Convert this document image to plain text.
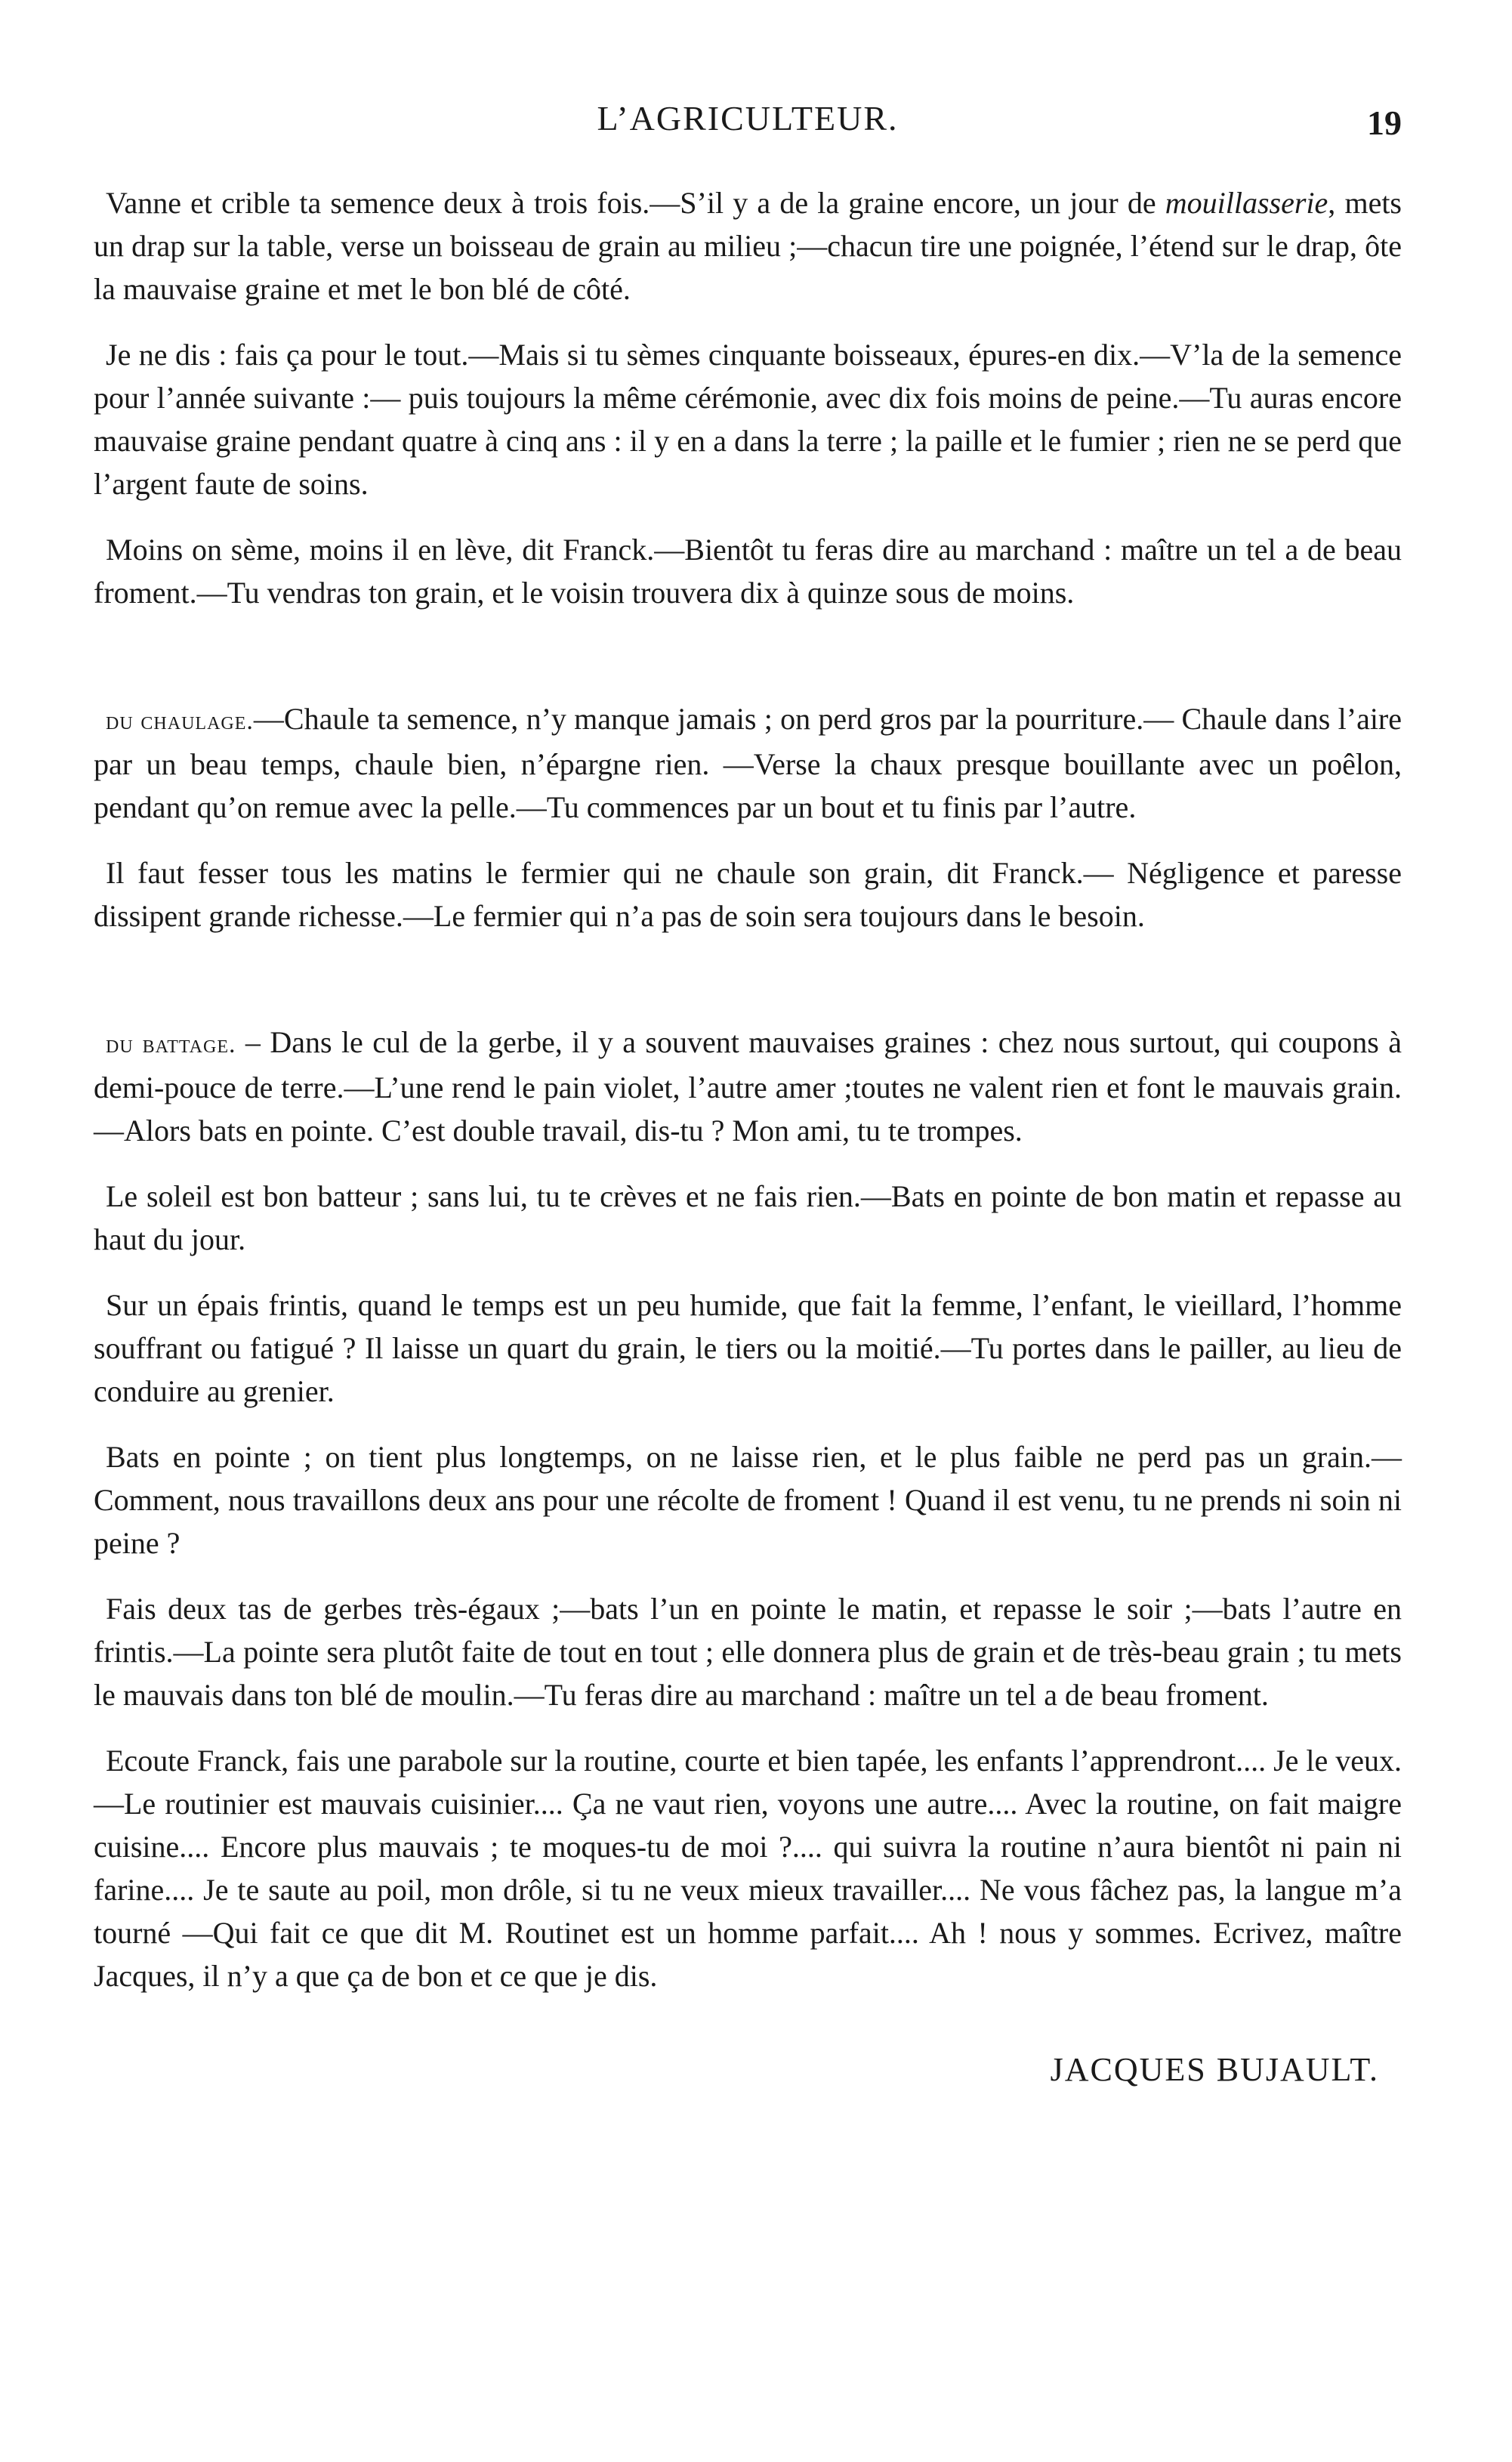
L’AGRICULTEUR.	19

Vanne et crible ta semence deux à trois fois.—S’il y a de la graine encore, un jour de mouillasserie, mets un drap sur la table, verse un boisseau de grain au milieu ;—chacun tire une poignée, l’étend sur le drap, ôte la mauvaise graine et met le bon blé de côté.

Je ne dis : fais ça pour le tout.—Mais si tu sèmes cinquante boisseaux, épures-en dix.—V’la de la semence pour l’année suivante :— puis toujours la même cérémonie, avec dix fois moins de peine.—Tu auras encore mauvaise graine pendant quatre à cinq ans : il y en a dans la terre ; la paille et le fumier ; rien ne se perd que l’argent faute de soins.

Moins on sème, moins il en lève, dit Franck.—Bientôt tu feras dire au marchand : maître un tel a de beau froment.—Tu vendras ton grain, et le voisin trouvera dix à quinze sous de moins.

du chaulage.—Chaule ta semence, n’y manque jamais ; on perd gros par la pourriture.— Chaule dans l’aire par un beau temps, chaule bien, n’épargne rien. —Verse la chaux presque bouillante avec un poêlon, pendant qu’on remue avec la pelle.—Tu commences par un bout et tu finis par l’autre.

Il faut fesser tous les matins le fermier qui ne chaule son grain, dit Franck.— Négligence et paresse dissipent grande richesse.—Le fermier qui n’a pas de soin sera toujours dans le besoin.

du battage. – Dans le cul de la gerbe, il y a souvent mauvaises graines : chez nous surtout, qui coupons à demi-pouce de terre.—L’une rend le pain violet, l’autre amer ;toutes ne valent rien et font le mauvais grain.—Alors bats en pointe. C’est double travail, dis-tu ? Mon ami, tu te trompes.

Le soleil est bon batteur ; sans lui, tu te crèves et ne fais rien.—Bats en pointe de bon matin et repasse au haut du jour.

Sur un épais frintis, quand le temps est un peu humide, que fait la femme, l’enfant, le vieillard, l’homme souffrant ou fatigué ? Il laisse un quart du grain, le tiers ou la moitié.—Tu portes dans le pailler, au lieu de conduire au grenier.

Bats en pointe ; on tient plus longtemps, on ne laisse rien, et le plus faible ne perd pas un grain.—Comment, nous travaillons deux ans pour une récolte de froment ! Quand il est venu, tu ne prends ni soin ni peine ?

Fais deux tas de gerbes très-égaux ;—bats l’un en pointe le matin, et repasse le soir ;—bats l’autre en frintis.—La pointe sera plutôt faite de tout en tout ; elle donnera plus de grain et de très-beau grain ; tu mets le mauvais dans ton blé de moulin.—Tu feras dire au marchand : maître un tel a de beau froment.

Ecoute Franck, fais une parabole sur la routine, courte et bien tapée, les enfants l’apprendront.... Je le veux.—Le routinier est mauvais cuisinier.... Ça ne vaut rien, voyons une autre.... Avec la routine, on fait maigre cuisine.... Encore plus mauvais ; te moques-tu de moi ?.... qui suivra la routine n’aura bientôt ni pain ni farine.... Je te saute au poil, mon drôle, si tu ne veux mieux travailler.... Ne vous fâchez pas, la langue m’a tourné —Qui fait ce que dit M. Routinet est un homme parfait.... Ah ! nous y sommes. Ecrivez, maître Jacques, il n’y a que ça de bon et ce que je dis.

JACQUES BUJAULT.
